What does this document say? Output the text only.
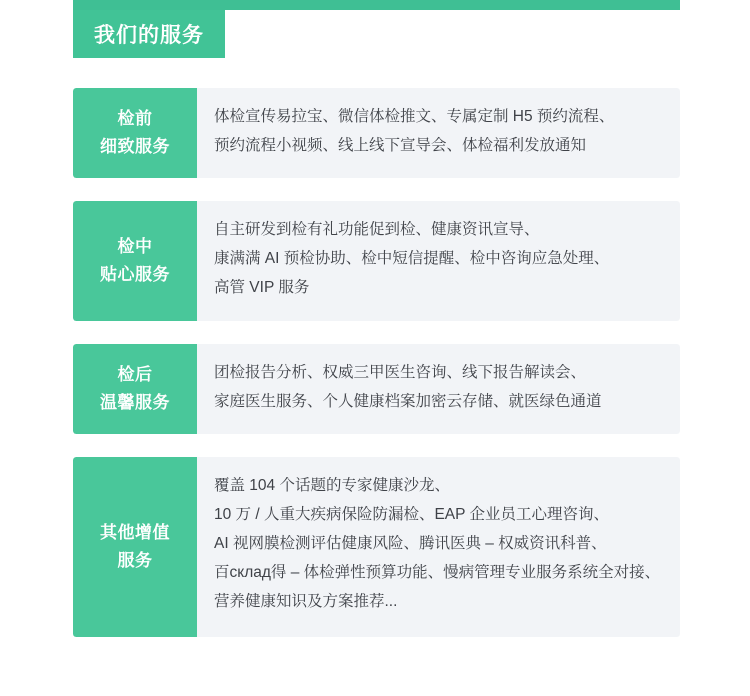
我们的服务
检前
细致服务
体检宣传易拉宝、微信体检推文、专属定制 H5 预约流程、
预约流程小视频、线上线下宣导会、体检福利发放通知
检中
贴心服务
自主研发到检有礼功能促到检、健康资讯宣导、
康满满 AI 预检协助、检中短信提醒、检中咨询应急处理、
高管 VIP 服务
检后
温馨服务
团检报告分析、权威三甲医生咨询、线下报告解读会、
家庭医生服务、个人健康档案加密云存储、就医绿色通道
其他增值
服务
覆盖 104 个话题的专家健康沙龙、
10 万 / 人重大疾病保险防漏检、EAP 企业员工心理咨询、
AI 视网膜检测评估健康风险、腾讯医典 – 权威资讯科普、
百склад得 – 体检弹性预算功能、慢病管理专业服务系统全对接、
营养健康知识及方案推荐...
